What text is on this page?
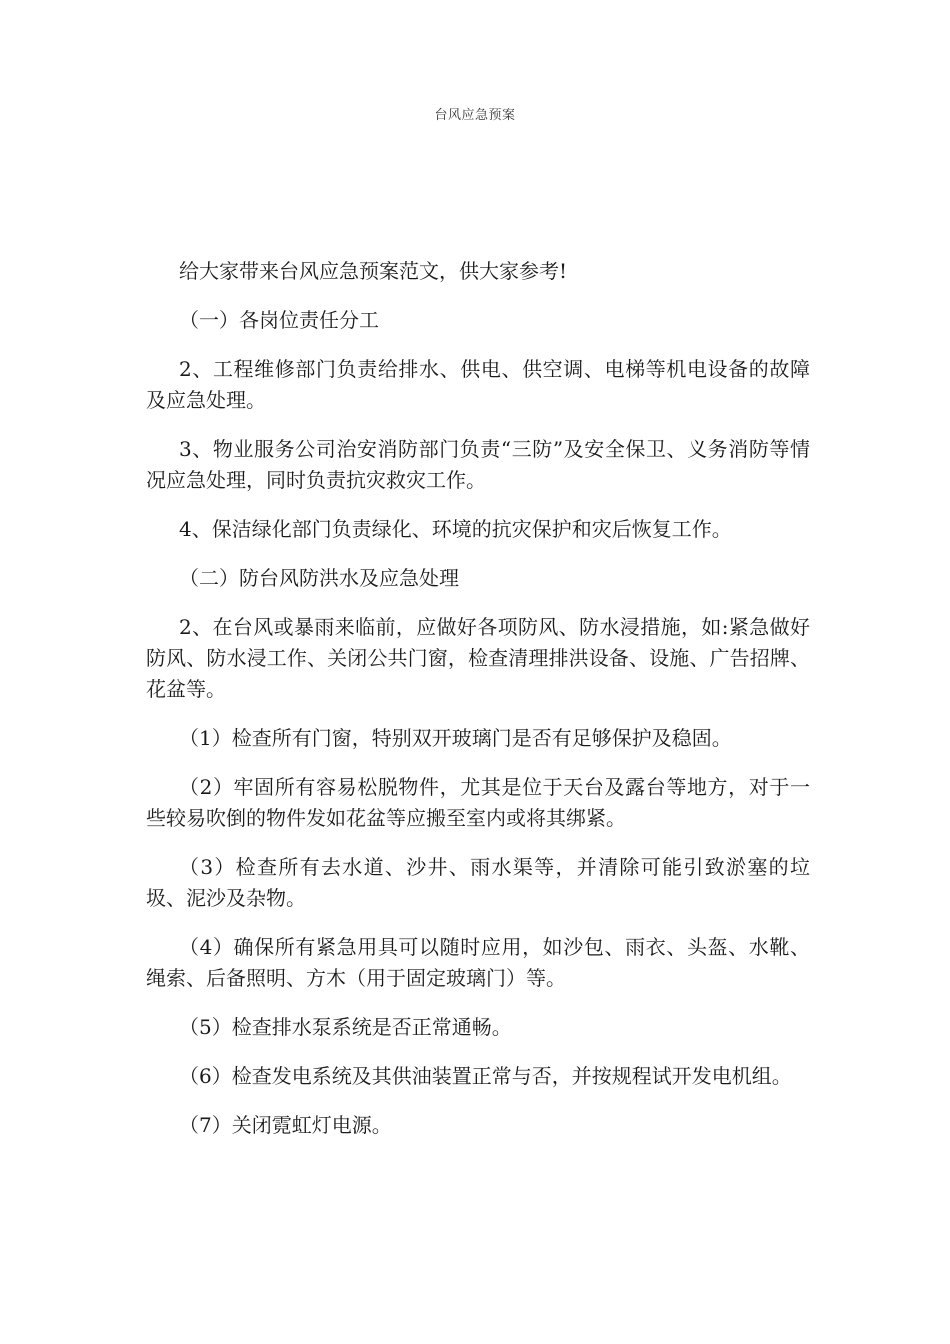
台风应急预案

给大家带来台风应急预案范文，供大家参考!

（一）各岗位责任分工

2、工程维修部门负责给排水、供电、供空调、电梯等机电设备的故障及应急处理。

3、物业服务公司治安消防部门负责“三防”及安全保卫、义务消防等情况应急处理，同时负责抗灾救灾工作。

4、保洁绿化部门负责绿化、环境的抗灾保护和灾后恢复工作。

（二）防台风防洪水及应急处理

2、在台风或暴雨来临前，应做好各项防风、防水浸措施，如:紧急做好防风、防水浸工作、关闭公共门窗，检查清理排洪设备、设施、广告招牌、花盆等。

（1）检查所有门窗，特别双开玻璃门是否有足够保护及稳固。

（2）牢固所有容易松脱物件，尤其是位于天台及露台等地方，对于一些较易吹倒的物件发如花盆等应搬至室内或将其绑紧。

（3）检查所有去水道、沙井、雨水渠等，并清除可能引致淤塞的垃圾、泥沙及杂物。

（4）确保所有紧急用具可以随时应用，如沙包、雨衣、头盔、水靴、绳索、后备照明、方木（用于固定玻璃门）等。

（5）检查排水泵系统是否正常通畅。

（6）检查发电系统及其供油装置正常与否，并按规程试开发电机组。

（7）关闭霓虹灯电源。
